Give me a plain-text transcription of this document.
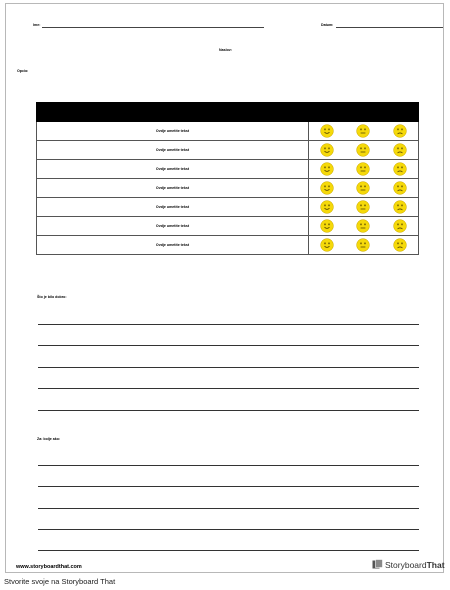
Ime:	Datum:
Naslov:
Opcio:
Ovdje umetite tekst
Ovdje umetite tekst
Ovdje umetite tekst
Ovdje umetite tekst
Ovdje umetite tekst
Ovdje umetite tekst
Ovdje umetite tekst
Što je bilo dobro:
Za: bolje ako:
www.storyboardthat.com	StoryboardThat
Stvorite svoje na Storyboard That
